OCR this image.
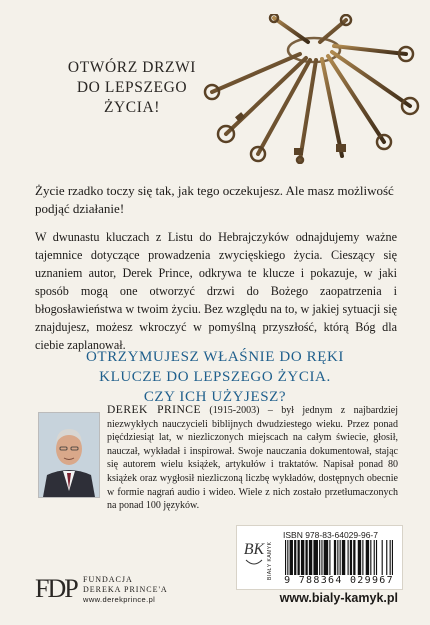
OTWÓRZ DRZWI
DO LEPSZEGO
ŻYCIA!
Życie rzadko toczy się tak, jak tego oczekujesz. Ale masz możliwość podjąć działanie!
W dwunastu kluczach z Listu do Hebrajczyków odnajdujemy ważne tajemnice dotyczące prowadzenia zwycięskiego życia. Cieszący się uznaniem autor, Derek Prince, odkrywa te klucze i pokazuje, w jaki sposób mogą one otworzyć drzwi do Bożego zaopatrzenia i błogosławieństwa w twoim życiu. Bez względu na to, w jakiej sytuacji się znajdujesz, możesz wkroczyć w pomyślną przyszłość, którą Bóg dla ciebie zaplanował.
OTRZYMUJESZ WŁAŚNIE DO RĘKI
KLUCZE DO LEPSZEGO ŻYCIA.
CZY ICH UŻYJESZ?
DEREK PRINCE (1915-2003) – był jednym z najbardziej niezwykłych nauczycieli biblijnych dwudziestego wieku. Przez ponad pięćdziesiąt lat, w niezliczonych miejscach na całym świecie, głosił, nauczał, wykładał i inspirował. Swoje nauczania dokumentował, stając się autorem wielu książek, artykułów i traktatów. Napisał ponad 80 książek oraz wygłosił niezliczoną liczbę wykładów, dostępnych obecnie w formie nagrań audio i wideo. Wiele z nich zostało przetłumaczonych na ponad 100 języków.
BK BIAŁY KAMYK
ISBN 978-83-64029-96-7
9 788364 029967
FDP FUNDACJA
DEREKA PRINCE'A
www.derekprince.pl	www.bialy-kamyk.pl
